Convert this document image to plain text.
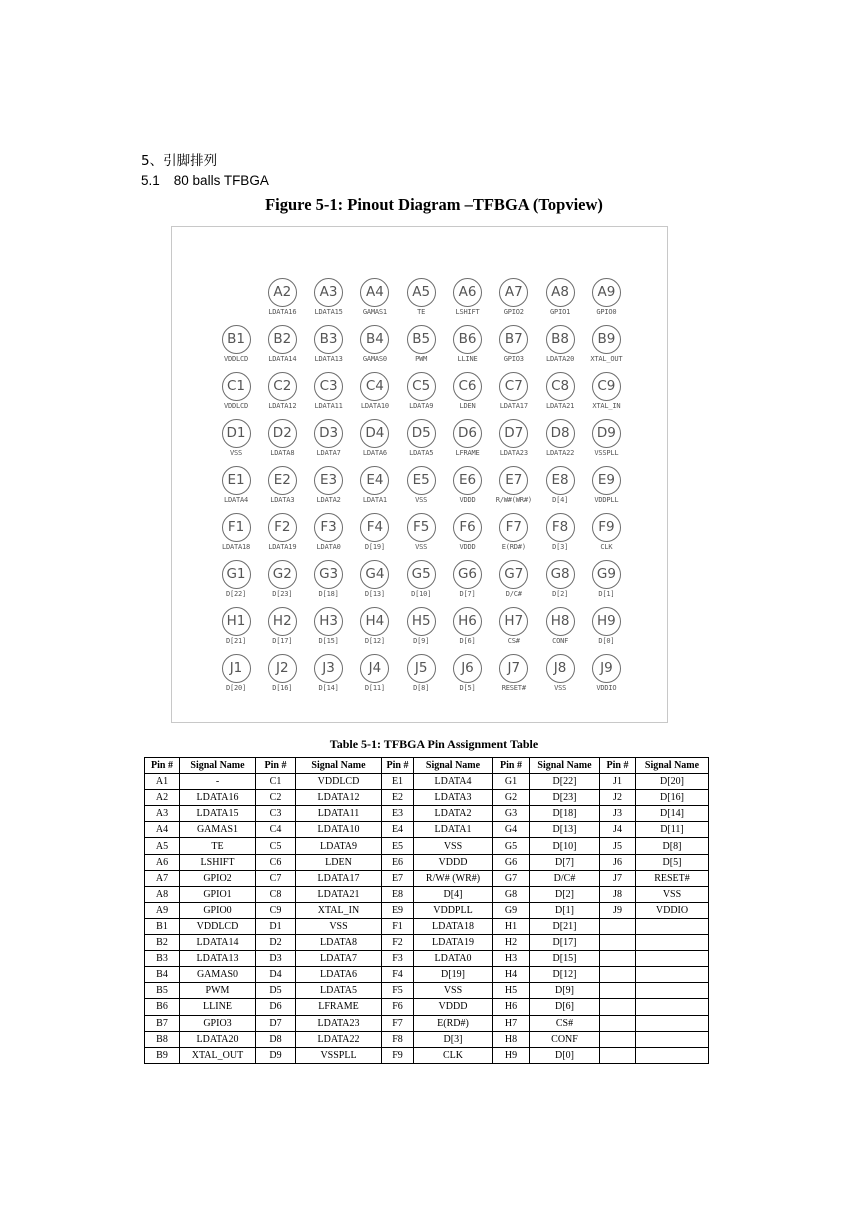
5、引脚排列
5.1 80 balls TFBGA
Figure 5-1: Pinout Diagram –TFBGA (Topview)
A2
LDATA16
A3
LDATA15
A4
GAMAS1
A5
TE
A6
LSHIFT
A7
GPIO2
A8
GPIO1
A9
GPIO0
B1
VDDLCD
B2
LDATA14
B3
LDATA13
B4
GAMAS0
B5
PWM
B6
LLINE
B7
GPIO3
B8
LDATA20
B9
XTAL_OUT
C1
VDDLCD
C2
LDATA12
C3
LDATA11
C4
LDATA10
C5
LDATA9
C6
LDEN
C7
LDATA17
C8
LDATA21
C9
XTAL_IN
D1
VSS
D2
LDATA8
D3
LDATA7
D4
LDATA6
D5
LDATA5
D6
LFRAME
D7
LDATA23
D8
LDATA22
D9
VSSPLL
E1
LDATA4
E2
LDATA3
E3
LDATA2
E4
LDATA1
E5
VSS
E6
VDDD
E7
R/W#(WR#)
E8
D[4]
E9
VDDPLL
F1
LDATA18
F2
LDATA19
F3
LDATA0
F4
D[19]
F5
VSS
F6
VDDD
F7
E(RD#)
F8
D[3]
F9
CLK
G1
D[22]
G2
D[23]
G3
D[18]
G4
D[13]
G5
D[10]
G6
D[7]
G7
D/C#
G8
D[2]
G9
D[1]
H1
D[21]
H2
D[17]
H3
D[15]
H4
D[12]
H5
D[9]
H6
D[6]
H7
CS#
H8
CONF
H9
D[0]
J1
D[20]
J2
D[16]
J3
D[14]
J4
D[11]
J5
D[8]
J6
D[5]
J7
RESET#
J8
VSS
J9
VDDIO
Table 5-1: TFBGA Pin Assignment Table
Pin #	Signal Name	Pin #	Signal Name	Pin #	Signal Name	Pin #	Signal Name	Pin #	Signal Name
A1	-	C1	VDDLCD	E1	LDATA4	G1	D[22]	J1	D[20]
A2	LDATA16	C2	LDATA12	E2	LDATA3	G2	D[23]	J2	D[16]
A3	LDATA15	C3	LDATA11	E3	LDATA2	G3	D[18]	J3	D[14]
A4	GAMAS1	C4	LDATA10	E4	LDATA1	G4	D[13]	J4	D[11]
A5	TE	C5	LDATA9	E5	VSS	G5	D[10]	J5	D[8]
A6	LSHIFT	C6	LDEN	E6	VDDD	G6	D[7]	J6	D[5]
A7	GPIO2	C7	LDATA17	E7	R/W# (WR#)	G7	D/C#	J7	RESET#
A8	GPIO1	C8	LDATA21	E8	D[4]	G8	D[2]	J8	VSS
A9	GPIO0	C9	XTAL_IN	E9	VDDPLL	G9	D[1]	J9	VDDIO
B1	VDDLCD	D1	VSS	F1	LDATA18	H1	D[21]		
B2	LDATA14	D2	LDATA8	F2	LDATA19	H2	D[17]		
B3	LDATA13	D3	LDATA7	F3	LDATA0	H3	D[15]		
B4	GAMAS0	D4	LDATA6	F4	D[19]	H4	D[12]		
B5	PWM	D5	LDATA5	F5	VSS	H5	D[9]		
B6	LLINE	D6	LFRAME	F6	VDDD	H6	D[6]		
B7	GPIO3	D7	LDATA23	F7	E(RD#)	H7	CS#		
B8	LDATA20	D8	LDATA22	F8	D[3]	H8	CONF		
B9	XTAL_OUT	D9	VSSPLL	F9	CLK	H9	D[0]		
